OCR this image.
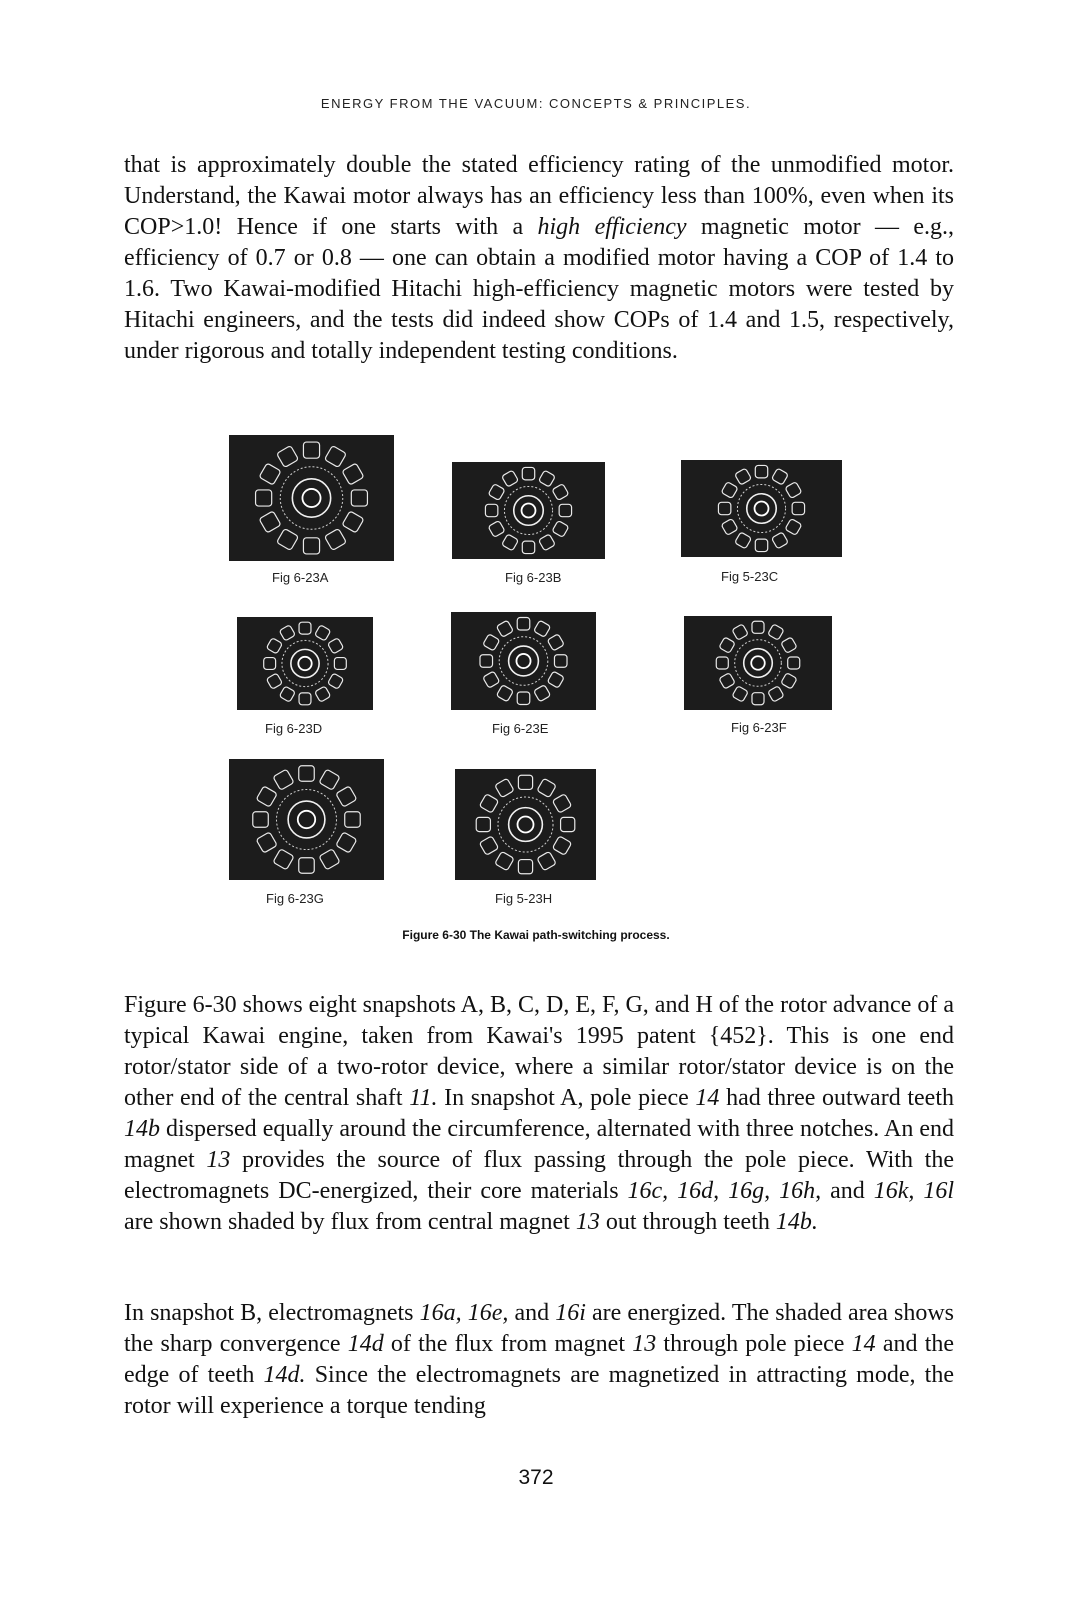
ENERGY FROM THE VACUUM: CONCEPTS & PRINCIPLES.

that is approximately double the stated efficiency rating of the unmodified motor. Understand, the Kawai motor always has an efficiency less than 100%, even when its COP>1.0! Hence if one starts with a high efficiency magnetic motor — e.g., efficiency of 0.7 or 0.8 — one can obtain a modified motor having a COP of 1.4 to 1.6. Two Kawai-modified Hitachi high-efficiency magnetic motors were tested by Hitachi engineers, and the tests did indeed show COPs of 1.4 and 1.5, respectively, under rigorous and totally independent testing conditions.

Fig 6-23A	Fig 6-23B	Fig 5-23C
Fig 6-23D	Fig 6-23E	Fig 6-23F
Fig 6-23G	Fig 5-23H
Figure 6-30 The Kawai path-switching process.

Figure 6-30 shows eight snapshots A, B, C, D, E, F, G, and H of the rotor advance of a typical Kawai engine, taken from Kawai's 1995 patent {452}. This is one end rotor/stator side of a two-rotor device, where a similar rotor/stator device is on the other end of the central shaft 11. In snapshot A, pole piece 14 had three outward teeth 14b dispersed equally around the circumference, alternated with three notches. An end magnet 13 provides the source of flux passing through the pole piece. With the electromagnets DC-energized, their core materials 16c, 16d, 16g, 16h, and 16k, 16l are shown shaded by flux from central magnet 13 out through teeth 14b.

In snapshot B, electromagnets 16a, 16e, and 16i are energized. The shaded area shows the sharp convergence 14d of the flux from magnet 13 through pole piece 14 and the edge of teeth 14d. Since the electromagnets are magnetized in attracting mode, the rotor will experience a torque tending

372
